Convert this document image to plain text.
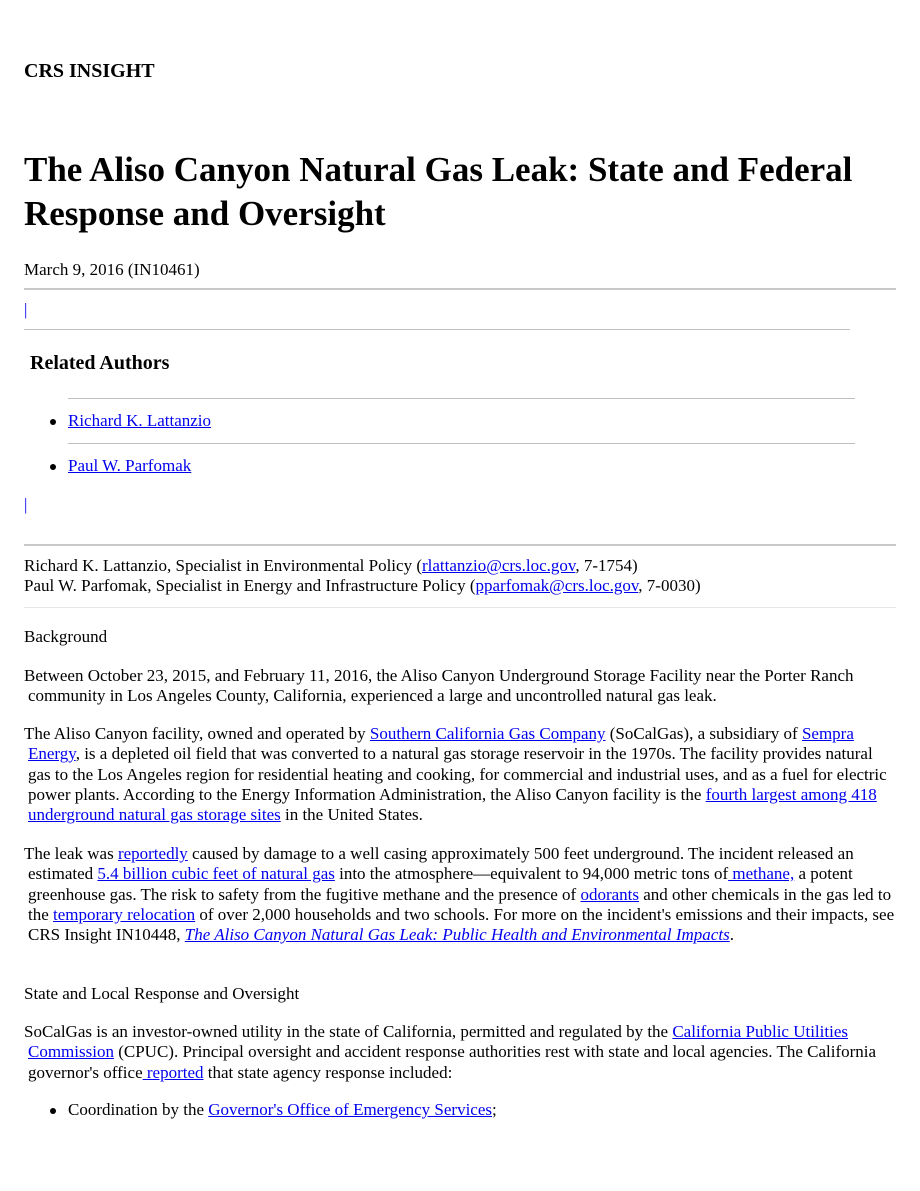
CRS INSIGHT
The Aliso Canyon Natural Gas Leak: State and Federal Response and Oversight
March 9, 2016 (IN10461)
|
Related Authors
Richard K. Lattanzio
Paul W. Parfomak
|
Richard K. Lattanzio, Specialist in Environmental Policy (rlattanzio@crs.loc.gov, 7-1754)
Paul W. Parfomak, Specialist in Energy and Infrastructure Policy (pparfomak@crs.loc.gov, 7-0030)
Background

Between October 23, 2015, and February 11, 2016, the Aliso Canyon Underground Storage Facility near the Porter Ranch community in Los Angeles County, California, experienced a large and uncontrolled natural gas leak.

The Aliso Canyon facility, owned and operated by Southern California Gas Company (SoCalGas), a subsidiary of Sempra Energy, is a depleted oil field that was converted to a natural gas storage reservoir in the 1970s. The facility provides natural gas to the Los Angeles region for residential heating and cooking, for commercial and industrial uses, and as a fuel for electric power plants. According to the Energy Information Administration, the Aliso Canyon facility is the fourth largest among 418 underground natural gas storage sites in the United States.

The leak was reportedly caused by damage to a well casing approximately 500 feet underground. The incident released an estimated 5.4 billion cubic feet of natural gas into the atmosphere—equivalent to 94,000 metric tons of methane, a potent greenhouse gas. The risk to safety from the fugitive methane and the presence of odorants and other chemicals in the gas led to the temporary relocation of over 2,000 households and two schools. For more on the incident's emissions and their impacts, see CRS Insight IN10448, The Aliso Canyon Natural Gas Leak: Public Health and Environmental Impacts.

State and Local Response and Oversight

SoCalGas is an investor-owned utility in the state of California, permitted and regulated by the California Public Utilities Commission (CPUC). Principal oversight and accident response authorities rest with state and local agencies. The California governor's office reported that state agency response included:

Coordination by the Governor's Office of Emergency Services;
